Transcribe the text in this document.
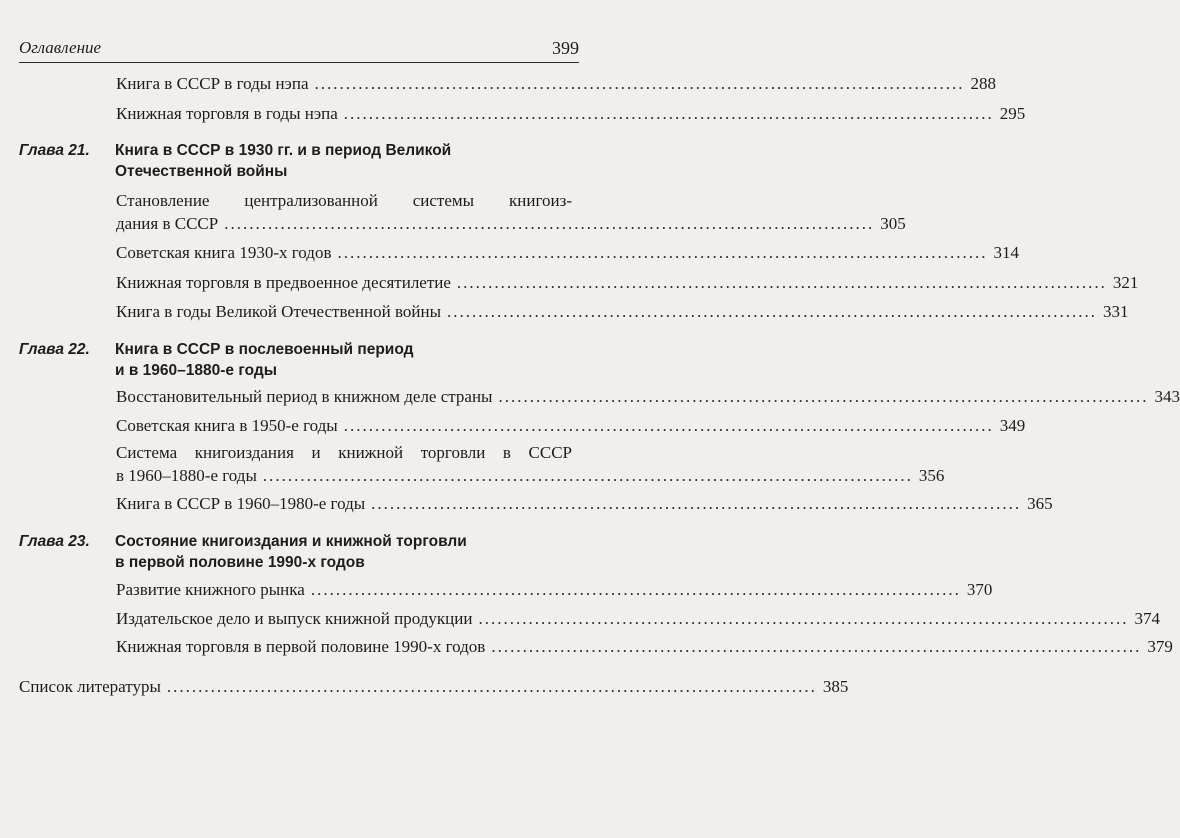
Оглавление	399
Книга в СССР в годы нэпа ........................................................................................................ 288
Книжная торговля в годы нэпа ........................................................................................................ 295
Глава 21. Книга в СССР в 1930 гг. и в период Великой
Отечественной войны
Становление централизованной системы книгоиз-
дания в СССР ........................................................................................................ 305
Советская книга 1930-х годов ........................................................................................................ 314
Книжная торговля в предвоенное десятилетие ........................................................................................................ 321
Книга в годы Великой Отечественной войны ........................................................................................................ 331
Глава 22. Книга в СССР в послевоенный период
и в 1960–1880-е годы
Восстановительный период в книжном деле страны ........................................................................................................ 343
Советская книга в 1950-е годы ........................................................................................................ 349
Система книгоиздания и книжной торговли в СССР
в 1960–1880-е годы ........................................................................................................ 356
Книга в СССР в 1960–1980-е годы ........................................................................................................ 365
Глава 23. Состояние книгоиздания и книжной торговли
в первой половине 1990-х годов
Развитие книжного рынка ........................................................................................................ 370
Издательское дело и выпуск книжной продукции ........................................................................................................ 374
Книжная торговля в первой половине 1990-х годов ........................................................................................................ 379
Список литературы ........................................................................................................ 385
